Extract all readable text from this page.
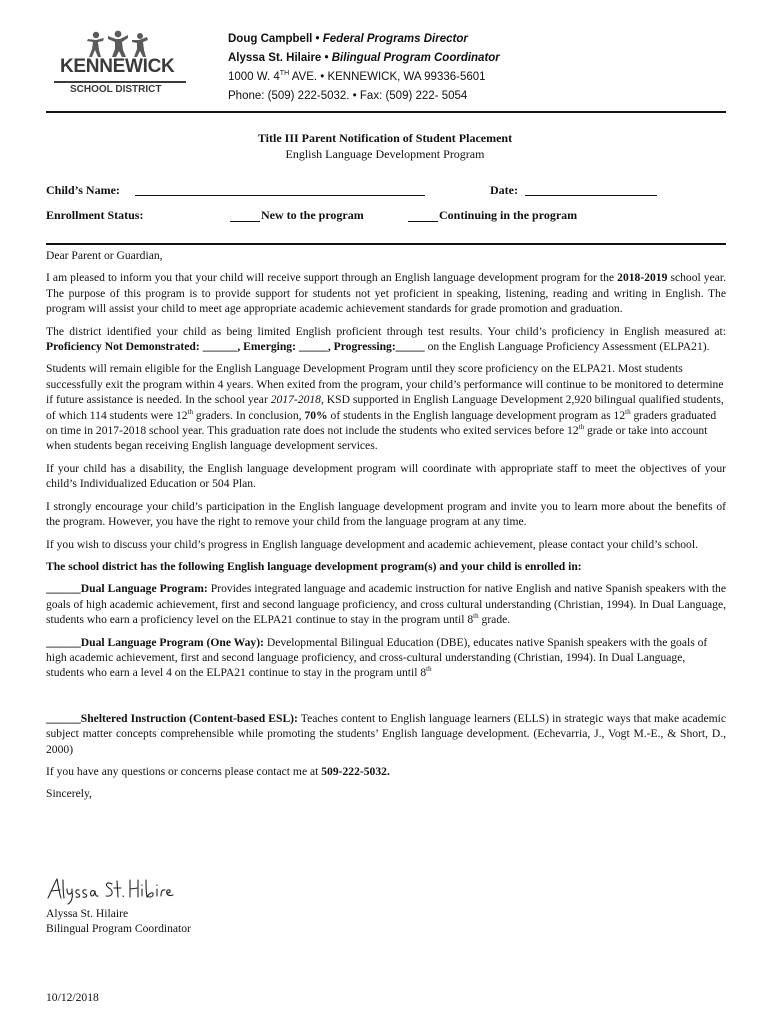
KENNEWICK
SCHOOL DISTRICT
Doug Campbell • Federal Programs Director
Alyssa St. Hilaire • Bilingual Program Coordinator
1000 W. 4TH AVE. • KENNEWICK, WA 99336-5601
Phone: (509) 222-5032. • Fax: (509) 222- 5054
Title III Parent Notification of Student Placement
English Language Development Program
Child’s Name:	Date:
Enrollment Status:	New to the program	Continuing in the program

Dear Parent or Guardian,

I am pleased to inform you that your child will receive support through an English language development program for the 2018-2019 school year. The purpose of this program is to provide support for students not yet proficient in speaking, listening, reading and writing in English. The program will assist your child to meet age appropriate academic achievement standards for grade promotion and graduation.

The district identified your child as being limited English proficient through test results. Your child’s proficiency in English measured at: Proficiency Not Demonstrated: ______, Emerging: _____, Progressing:_____ on the English Language Proficiency Assessment (ELPA21).

Students will remain eligible for the English Language Development Program until they score proficiency on the ELPA21. Most students successfully exit the program within 4 years. When exited from the program, your child’s performance will continue to be monitored to determine if future assistance is needed. In the school year 2017-2018, KSD supported in English Language Development 2,920 bilingual qualified students, of which 114 students were 12th graders. In conclusion, 70% of students in the English language development program as 12th graders graduated on time in 2017-2018 school year. This graduation rate does not include the students who exited services before 12th grade or take into account when students began receiving English language development services.

If your child has a disability, the English language development program will coordinate with appropriate staff to meet the objectives of your child’s Individualized Education or 504 Plan.

I strongly encourage your child’s participation in the English language development program and invite you to learn more about the benefits of the program. However, you have the right to remove your child from the language program at any time.

If you wish to discuss your child’s progress in English language development and academic achievement, please contact your child’s school.

The school district has the following English language development program(s) and your child is enrolled in:

______Dual Language Program: Provides integrated language and academic instruction for native English and native Spanish speakers with the goals of high academic achievement, first and second language proficiency, and cross cultural understanding (Christian, 1994). In Dual Language, students who earn a proficiency level on the ELPA21 continue to stay in the program until 8th grade.

______Dual Language Program (One Way): Developmental Bilingual Education (DBE), educates native Spanish speakers with the goals of high academic achievement, first and second language proficiency, and cross-cultural understanding (Christian, 1994). In Dual Language, students who earn a level 4 on the ELPA21 continue to stay in the program until 8th

______Sheltered Instruction (Content-based ESL): Teaches content to English language learners (ELLS) in strategic ways that make academic subject matter concepts comprehensible while promoting the students’ English language development. (Echevarria, J., Vogt M.-E., & Short, D., 2000)

If you have any questions or concerns please contact me at 509-222-5032.

Sincerely,

Alyssa St. Hilaire
Bilingual Program Coordinator
10/12/2018
